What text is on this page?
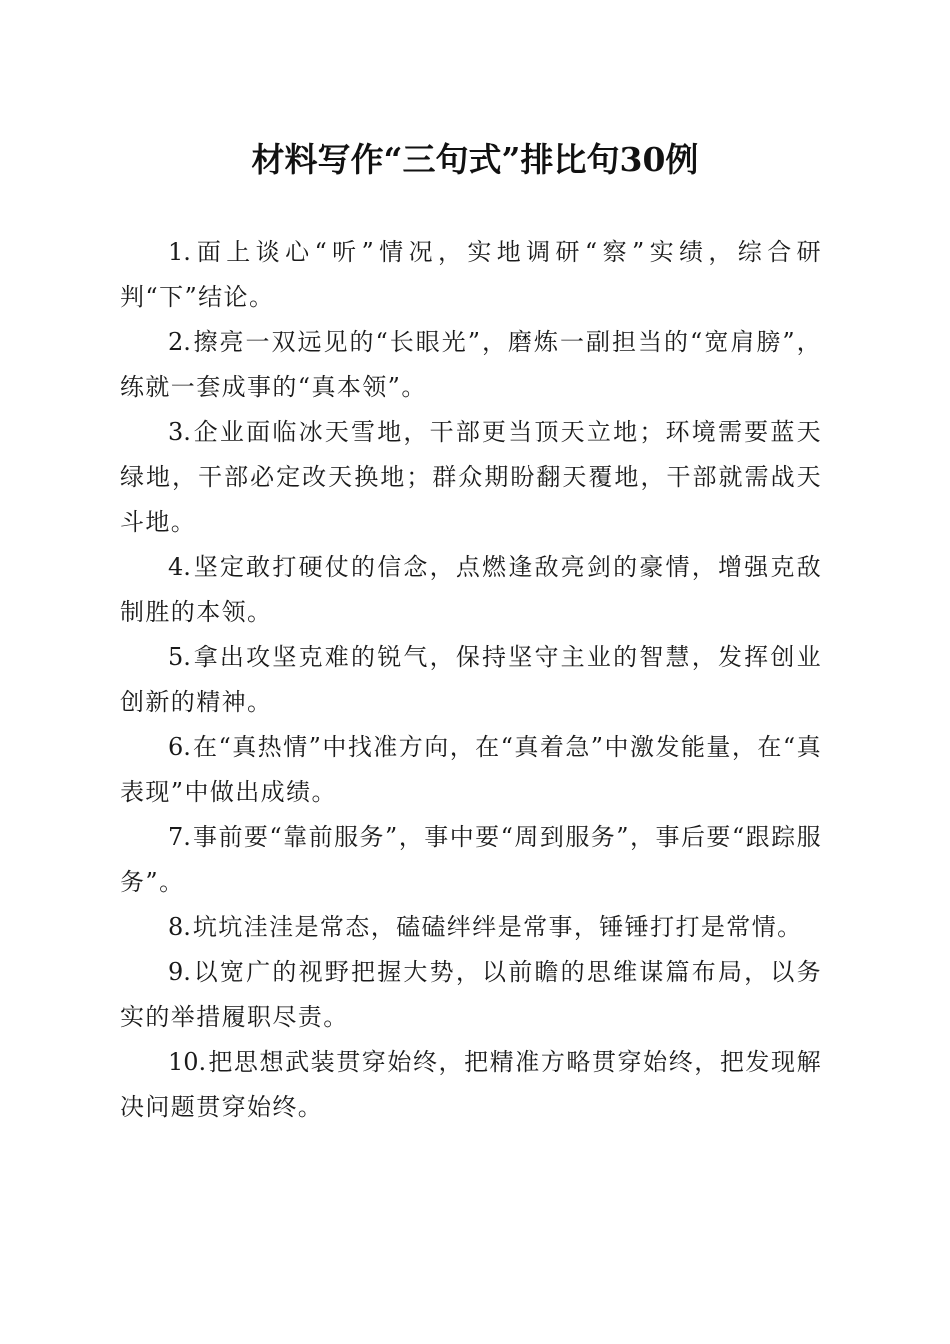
材料写作“三句式”排比句30例

1.面上谈心“听”情况，实地调研“察”实绩，综合研判“下”结论。

2.擦亮一双远见的“长眼光”，磨炼一副担当的“宽肩膀”，练就一套成事的“真本领”。

3.企业面临冰天雪地，干部更当顶天立地；环境需要蓝天绿地，干部必定改天换地；群众期盼翻天覆地，干部就需战天斗地。

4.坚定敢打硬仗的信念，点燃逢敌亮剑的豪情，增强克敌制胜的本领。

5.拿出攻坚克难的锐气，保持坚守主业的智慧，发挥创业创新的精神。

6.在“真热情”中找准方向，在“真着急”中激发能量，在“真表现”中做出成绩。

7.事前要“靠前服务”，事中要“周到服务”，事后要“跟踪服务”。

8.坑坑洼洼是常态，磕磕绊绊是常事，锤锤打打是常情。

9.以宽广的视野把握大势，以前瞻的思维谋篇布局，以务实的举措履职尽责。

10.把思想武装贯穿始终，把精准方略贯穿始终，把发现解决问题贯穿始终。
